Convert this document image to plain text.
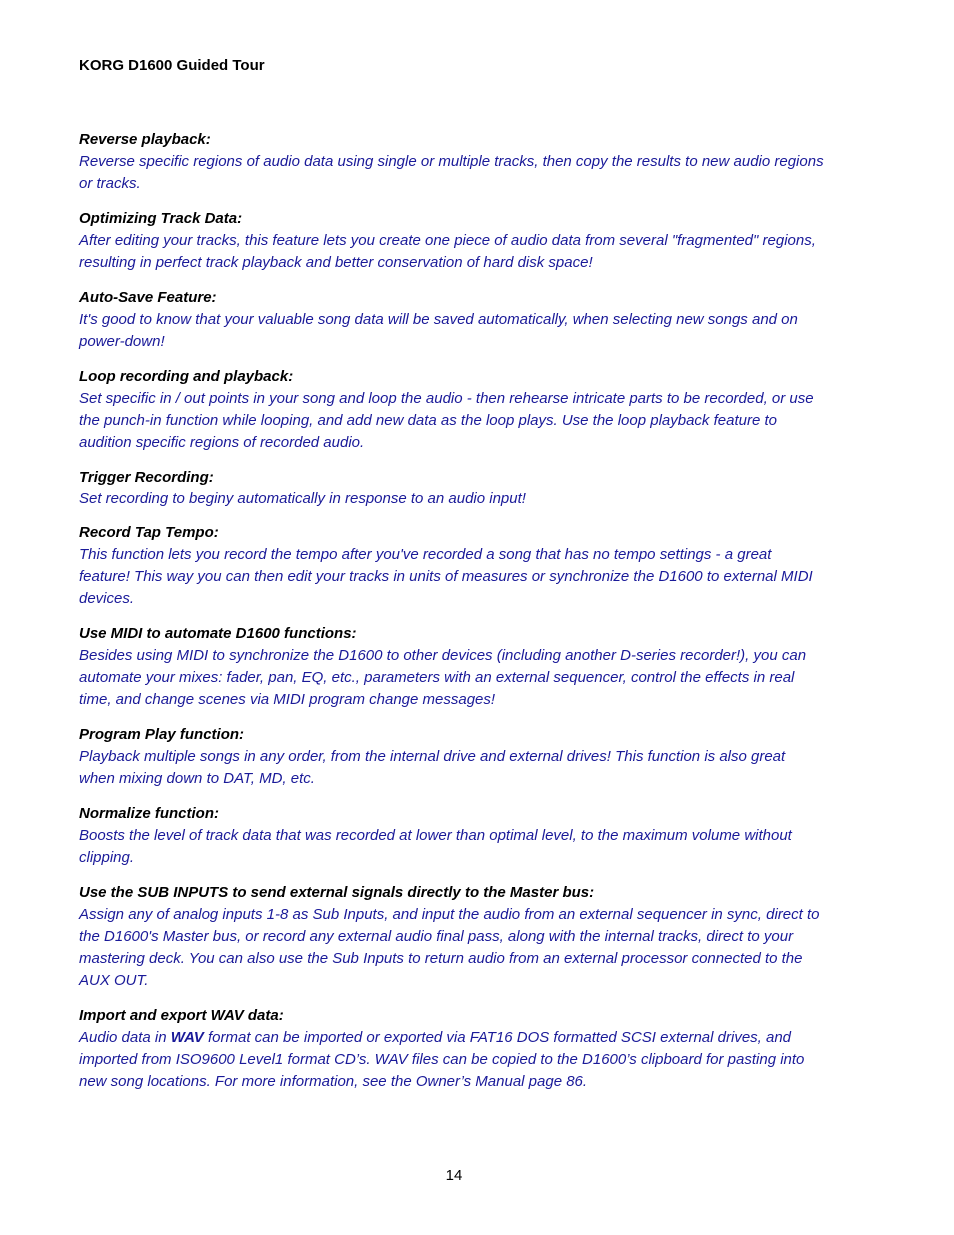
KORG D1600 Guided Tour
Reverse playback:

Reverse specific regions of audio data using single or multiple tracks, then copy the results to new audio regions or tracks.

Optimizing Track Data:

After editing your tracks, this feature lets you create one piece of audio data from several "fragmented" regions, resulting in perfect track playback and better conservation of hard disk space!

Auto-Save Feature:

It's good to know that your valuable song data will be saved automatically, when selecting new songs and on power-down!

Loop recording and playback:

Set specific in / out points in your song and loop the audio - then rehearse intricate parts to be recorded, or use the punch-in function while looping, and add new data as the loop plays. Use the loop playback feature to audition specific regions of recorded audio.

Trigger Recording:

Set recording to beginy automatically in response to an audio input!

Record Tap Tempo:

This function lets you record the tempo after you've recorded a song that has no tempo settings - a great feature! This way you can then edit your tracks in units of measures or synchronize the D1600 to external MIDI devices.

Use MIDI to automate D1600 functions:

Besides using MIDI to synchronize the D1600 to other devices (including another D-series recorder!), you can automate your mixes: fader, pan, EQ, etc., parameters with an external sequencer, control the effects in real time, and change scenes via MIDI program change messages!

Program Play function:

Playback multiple songs in any order, from the internal drive and external drives! This function is also great when mixing down to DAT, MD, etc.

Normalize function:

Boosts the level of track data that was recorded at lower than optimal level, to the maximum volume without clipping.

Use the SUB INPUTS to send external signals directly to the Master bus:

Assign any of analog inputs 1-8 as Sub Inputs, and input the audio from an external sequencer in sync, direct to the D1600's Master bus, or record any external audio final pass, along with the internal tracks, direct to your mastering deck. You can also use the Sub Inputs to return audio from an external processor connected to the AUX OUT.

Import and export WAV data:

Audio data in WAV format can be imported or exported via FAT16 DOS formatted SCSI external drives, and imported from ISO9600 Level1 format CD’s. WAV files can be copied to the D1600’s clipboard for pasting into new song locations. For more information, see the Owner’s Manual page 86.

14
